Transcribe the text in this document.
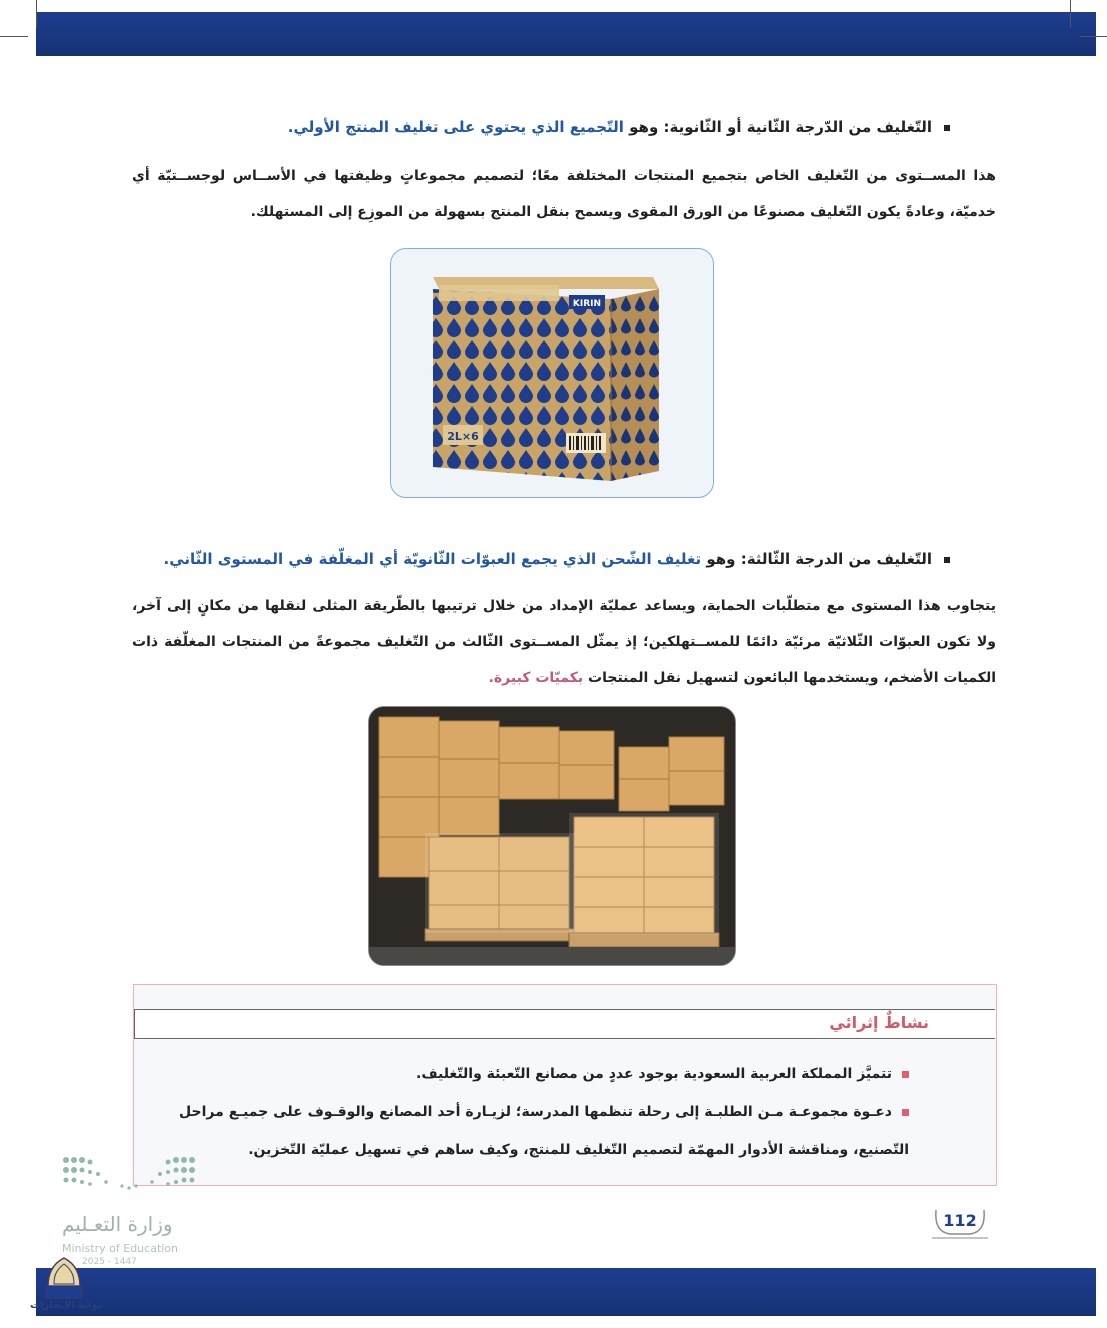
التّغليف من الدّرجة الثّانية أو الثّانوية: وهو التّجميع الذي يحتوي على تغليف المنتج الأولي.
هذا المســتوى من التّغليف الخاص بتجميع المنتجات المختلفة معًا؛ لتصميم مجموعاتٍ وظيفتها في الأســاس لوجســتيّة أي خدميّة، وعادةً يكون التّغليف مصنوعًا من الورق المقوى ويسمح بنقل المنتج بسهولة من الموزِع إلى المستهلك.
KIRIN
2L×6
التّغليف من الدرجة الثّالثة: وهو تغليف الشّحن الذي يجمع العبوّات الثّانويّة أي المغلّفة في المستوى الثّاني.
يتجاوب هذا المستوى مع متطلّبات الحماية، ويساعد عمليّة الإمداد من خلال ترتيبها بالطّريقة المثلى لنقلها من مكانٍ إلى آخر، ولا تكون العبوّات الثّلاثيّة مرئيّة دائمًا للمســتهلكين؛ إذ يمثّل المســتوى الثّالث من التّغليف مجموعةً من المنتجات المغلّفة ذات الكميات الأضخم، ويستخدمها البائعون لتسهيل نقل المنتجات بكميّات كبيرة.
نشاطٌ إثرائي
تتميَّز المملكة العربية السعودية بوجود عددٍ من مصانع التّعبئة والتّغليف.
دعـوة مجموعـة مـن الطلبـة إلى رحلة تنظمها المدرسة؛ لزيـارة أحد المصانع والوقـوف على جميـع مراحل التّصنيع، ومناقشة الأدوار المهمّة لتصميم التّغليف للمنتج، وكيف ساهم في تسهيل عمليّة التّخزين.
وزارة التعـليم
Ministry of Education
2025 - 1447
112
بوابة الإنجازات
